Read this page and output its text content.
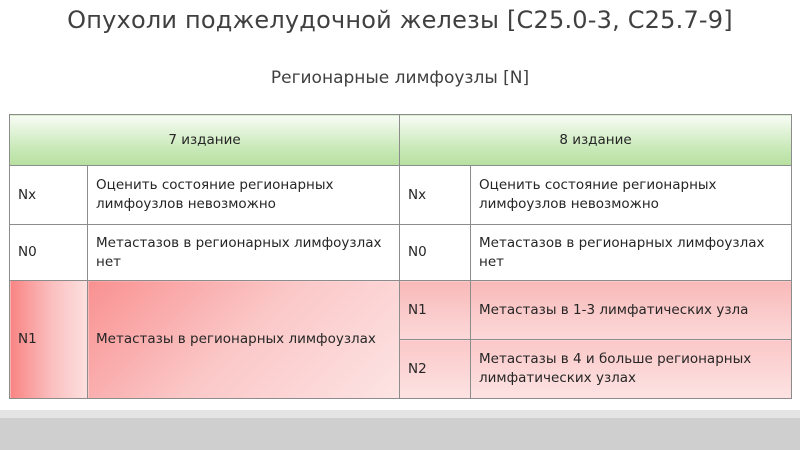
Опухоли поджелудочной железы [C25.0-3, C25.7-9]
Регионарные лимфоузлы [N]
7 издание		8 издание	
Nx	Оценить состояние регионарных лимфоузлов невозможно	Nx	Оценить состояние регионарных лимфоузлов невозможно
N0	Метастазов в регионарных лимфоузлах нет	N0	Метастазов в регионарных лимфоузлах нет
N1	Метастазы в регионарных лимфоузлах	N1	Метастазы в 1-3 лимфатических узла
		N2	Метастазы в 4 и больше регионарных лимфатических узлах
